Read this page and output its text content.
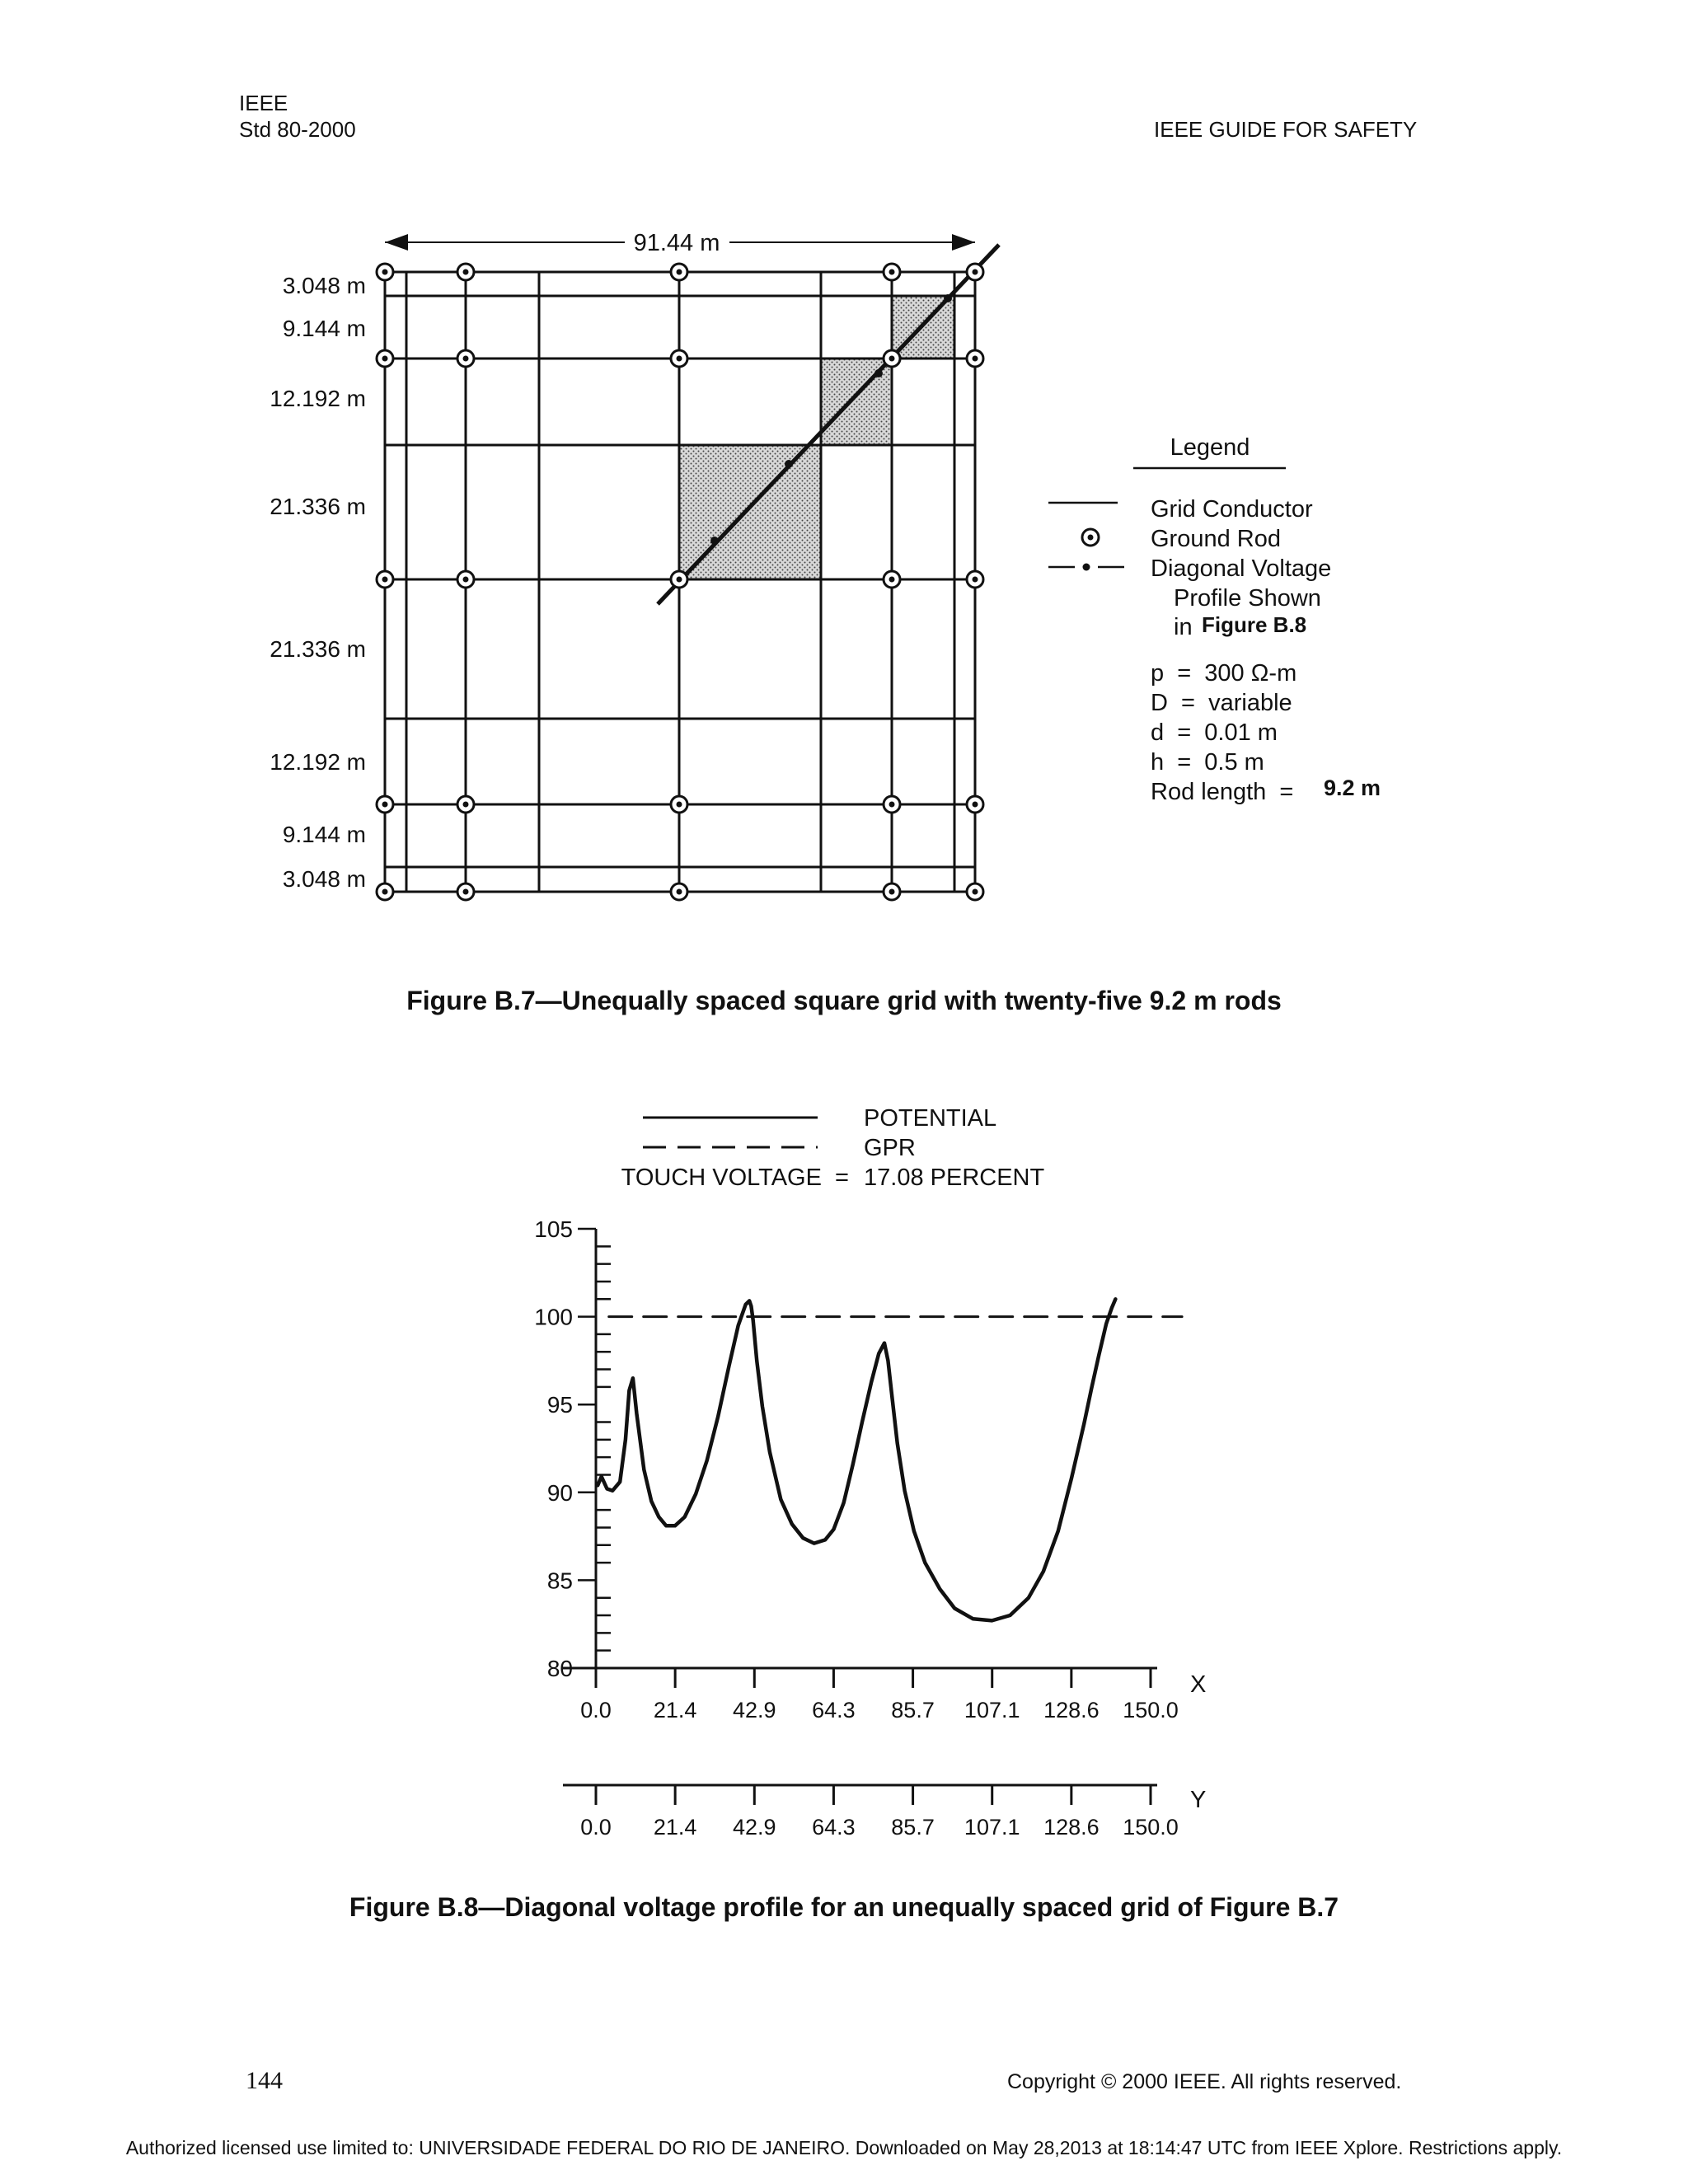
IEEE
Std 80-2000	IEEE GUIDE FOR SAFETY
91.44 m
3.048 m
9.144 m
12.192 m
21.336 m
21.336 m
12.192 m
9.144 m
3.048 m
Legend
Grid Conductor
Ground Rod
Diagonal Voltage
Profile Shown
in Figure B.8
p  =  300 Ω-m
D  =  variable
d  =  0.01 m
h  =  0.5 m
Rod length  = 9.2 m
Figure B.7—Unequally spaced square grid with twenty-five 9.2 m rods
POTENTIAL
GPR
TOUCH VOLTAGE  = 17.08 PERCENT
105
100
95
90
85
80
0.0 21.4 42.9 64.3 85.7 107.1 128.6 150.0
0.0 21.4 42.9 64.3 85.7 107.1 128.6 150.0
X
Y
Figure B.8—Diagonal voltage profile for an unequally spaced grid of Figure B.7
144	Copyright © 2000 IEEE. All rights reserved.
Authorized licensed use limited to: UNIVERSIDADE FEDERAL DO RIO DE JANEIRO. Downloaded on May 28,2013 at 18:14:47 UTC from IEEE Xplore. Restrictions apply.
